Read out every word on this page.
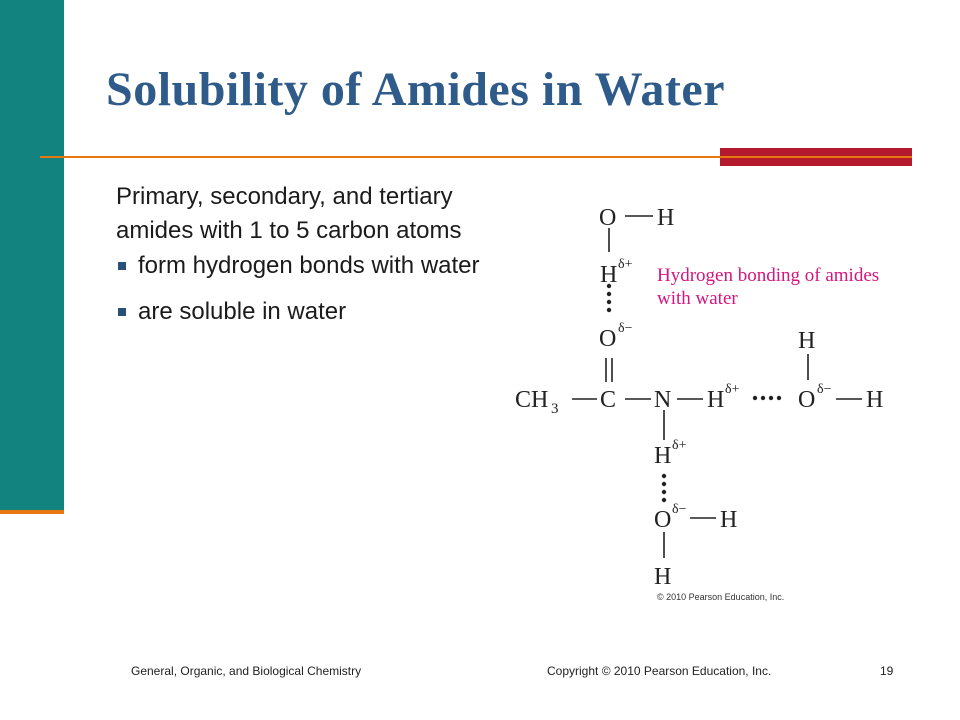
Solubility of Amides in Water

Primary, secondary, and tertiary amides with 1 to 5 carbon atoms

form hydrogen bonds with water
are soluble in water
O H
H δ+
O δ−
CH 3 C N H δ+
H
O δ− H
H δ+
O δ− H
H
Hydrogen bonding of amides
with water
© 2010 Pearson Education, Inc.
General, Organic, and Biological Chemistry	Copyright © 2010 Pearson Education, Inc.	19
